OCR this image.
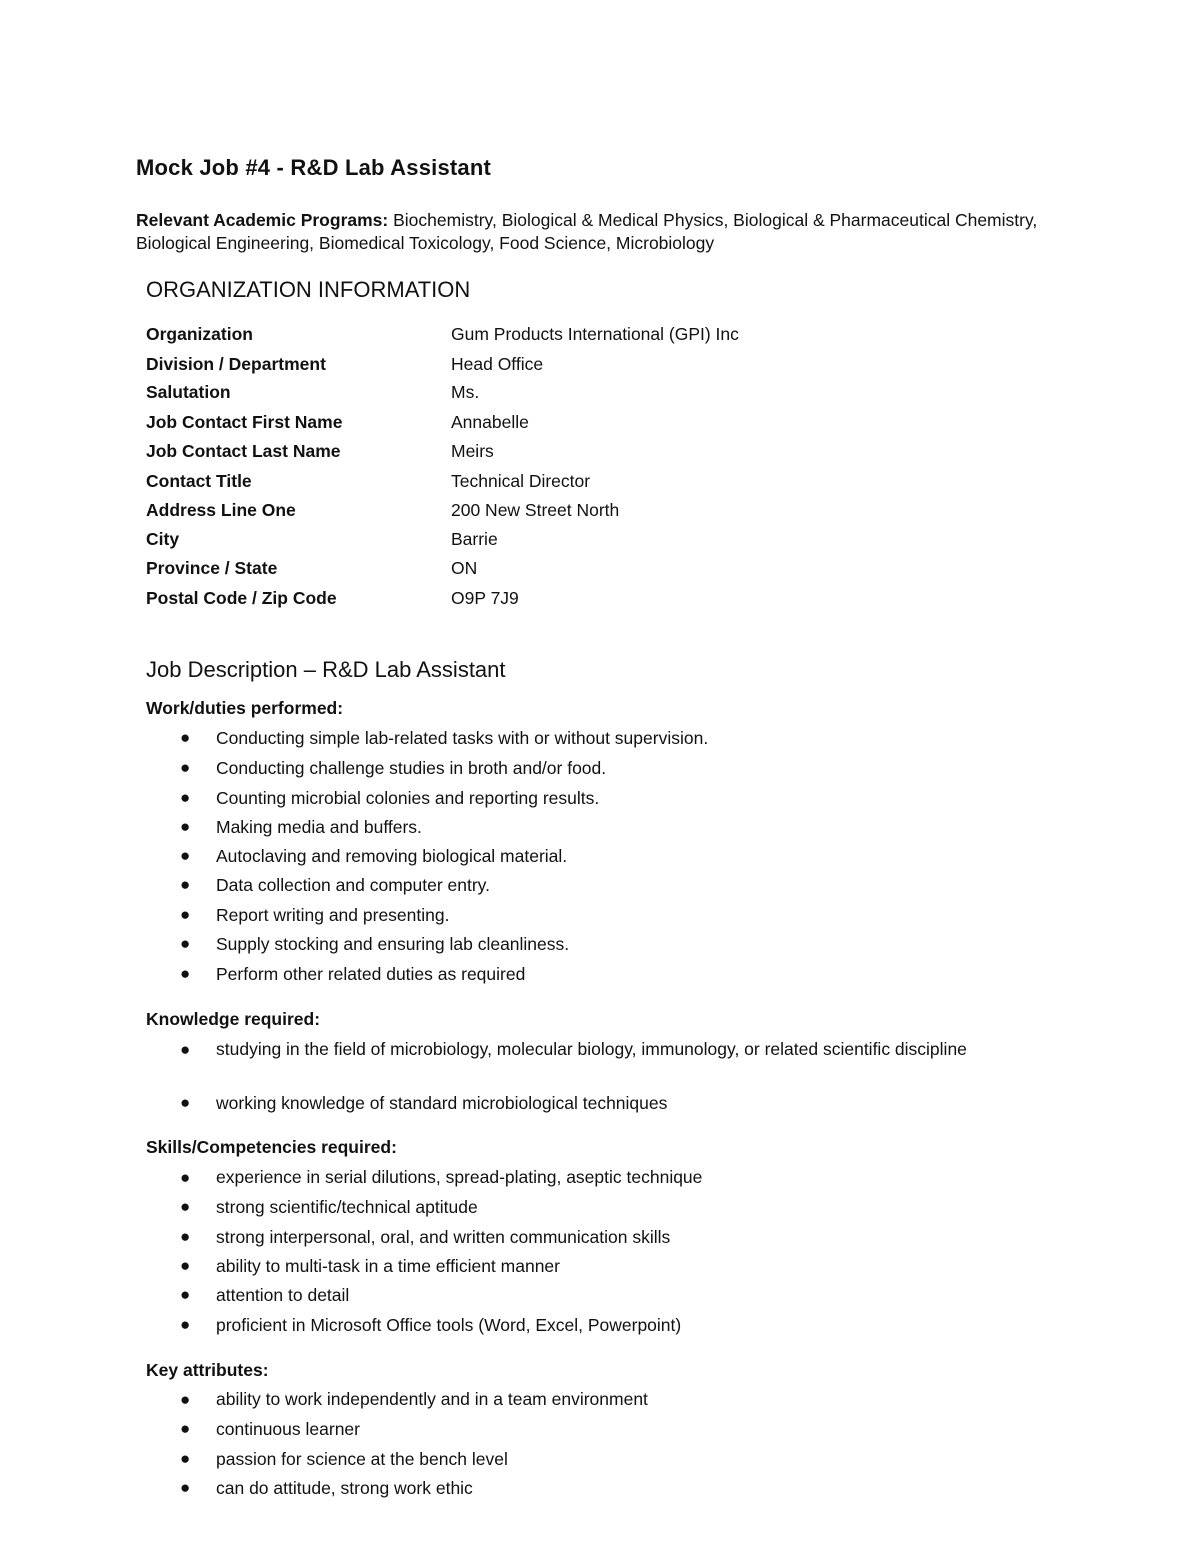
Mock Job #4 - R&D Lab Assistant
Relevant Academic Programs: Biochemistry, Biological & Medical Physics, Biological & Pharmaceutical Chemistry, Biological Engineering, Biomedical Toxicology, Food Science, Microbiology
ORGANIZATION INFORMATION
Organization	Gum Products International (GPI) Inc
Division / Department	Head Office
Salutation	Ms.
Job Contact First Name	Annabelle
Job Contact Last Name	Meirs
Contact Title	Technical Director
Address Line One	200 New Street North
City	Barrie
Province / State	ON
Postal Code / Zip Code	O9P 7J9
Job Description – R&D Lab Assistant
Work/duties performed:
● Conducting simple lab-related tasks with or without supervision.
● Conducting challenge studies in broth and/or food.
● Counting microbial colonies and reporting results.
● Making media and buffers.
● Autoclaving and removing biological material.
● Data collection and computer entry.
● Report writing and presenting.
● Supply stocking and ensuring lab cleanliness.
● Perform other related duties as required
Knowledge required:
● studying in the field of microbiology, molecular biology, immunology, or related scientific discipline
● working knowledge of standard microbiological techniques
Skills/Competencies required:
● experience in serial dilutions, spread-plating, aseptic technique
● strong scientific/technical aptitude
● strong interpersonal, oral, and written communication skills
● ability to multi-task in a time efficient manner
● attention to detail
● proficient in Microsoft Office tools (Word, Excel, Powerpoint)
Key attributes:
● ability to work independently and in a team environment
● continuous learner
● passion for science at the bench level
● can do attitude, strong work ethic
